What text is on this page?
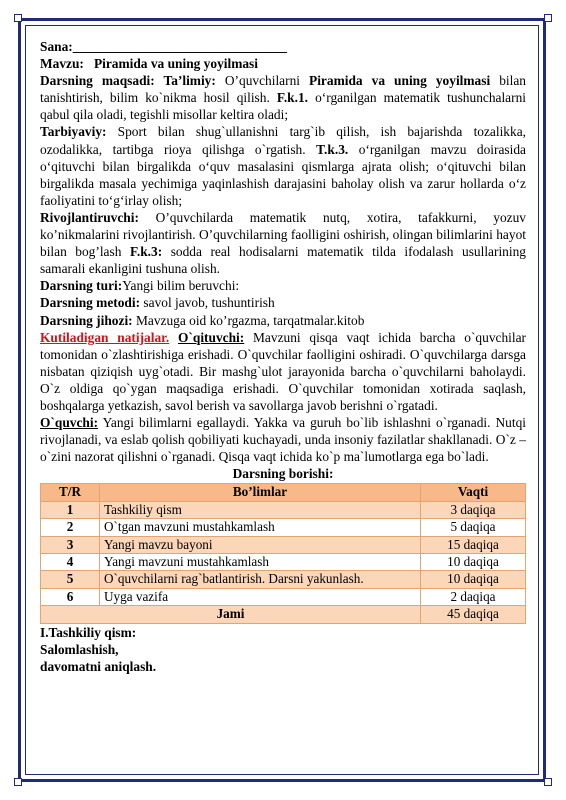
Sana:________________________________

Mavzu: Piramida va uning yoyilmasi

Darsning maqsadi: Ta’limiy: O’quvchilarni Piramida va uning yoyilmasi bilan tanishtirish, bilim ko`nikma hosil qilish. F.k.1. o‘rganilgan matematik tushunchalarni qabul qila oladi, tegishli misollar keltira oladi;

Tarbiyaviy: Sport bilan shug`ullanishni targ`ib qilish, ish bajarishda tozalikka, ozodalikka, tartibga rioya qilishga o`rgatish. T.k.3. o‘rganilgan mavzu doirasida o‘qituvchi bilan birgalikda o‘quv masalasini qismlarga ajrata olish; o‘qituvchi bilan birgalikda masala yechimiga yaqinlashish darajasini baholay olish va zarur hollarda o‘z faoliyatini to‘g‘irlay olish;

Rivojlantiruvchi: O’quvchilarda matematik nutq, xotira, tafakkurni, yozuv ko’nikmalarini rivojlantirish. O’quvchilarning faolligini oshirish, olingan bilimlarini hayot bilan bog’lash F.k.3: sodda real hodisalarni matematik tilda ifodalash usullarining samarali ekanligini tushuna olish.

Darsning turi:Yangi bilim beruvchi:

Darsning metodi: savol javob, tushuntirish

Darsning jihozi: Mavzuga oid ko’rgazma, tarqatmalar.kitob

Kutiladigan natijalar. O`qituvchi: Mavzuni qisqa vaqt ichida barcha o`quvchilar tomonidan o`zlashtirishiga erishadi. O`quvchilar faolligini oshiradi. O`quvchilarga darsga nisbatan qiziqish uyg`otadi. Bir mashg`ulot jarayonida barcha o`quvchilarni baholaydi. O`z oldiga qo`ygan maqsadiga erishadi. O`quvchilar tomonidan xotirada saqlash, boshqalarga yetkazish, savol berish va savollarga javob berishni o`rgatadi.

O`quvchi: Yangi bilimlarni egallaydi. Yakka va guruh bo`lib ishlashni o`rganadi. Nutqi rivojlanadi, va eslab qolish qobiliyati kuchayadi, unda insoniy fazilatlar shakllanadi. O`z – o`zini nazorat qilishni o`rganadi. Qisqa vaqt ichida ko`p ma`lumotlarga ega bo`ladi.

Darsning borishi:

T/R	Bo’limlar	Vaqti
1	Tashkiliy qism	3 daqiqa
2	O`tgan mavzuni mustahkamlash	5 daqiqa
3	Yangi mavzu bayoni	15 daqiqa
4	Yangi mavzuni mustahkamlash	10 daqiqa
5	O`quvchilarni rag`batlantirish. Darsni yakunlash.	10 daqiqa
6	Uyga vazifa	2 daqiqa
Jami		45 daqiqa

I.Tashkiliy qism:

Salomlashish,

davomatni aniqlash.
